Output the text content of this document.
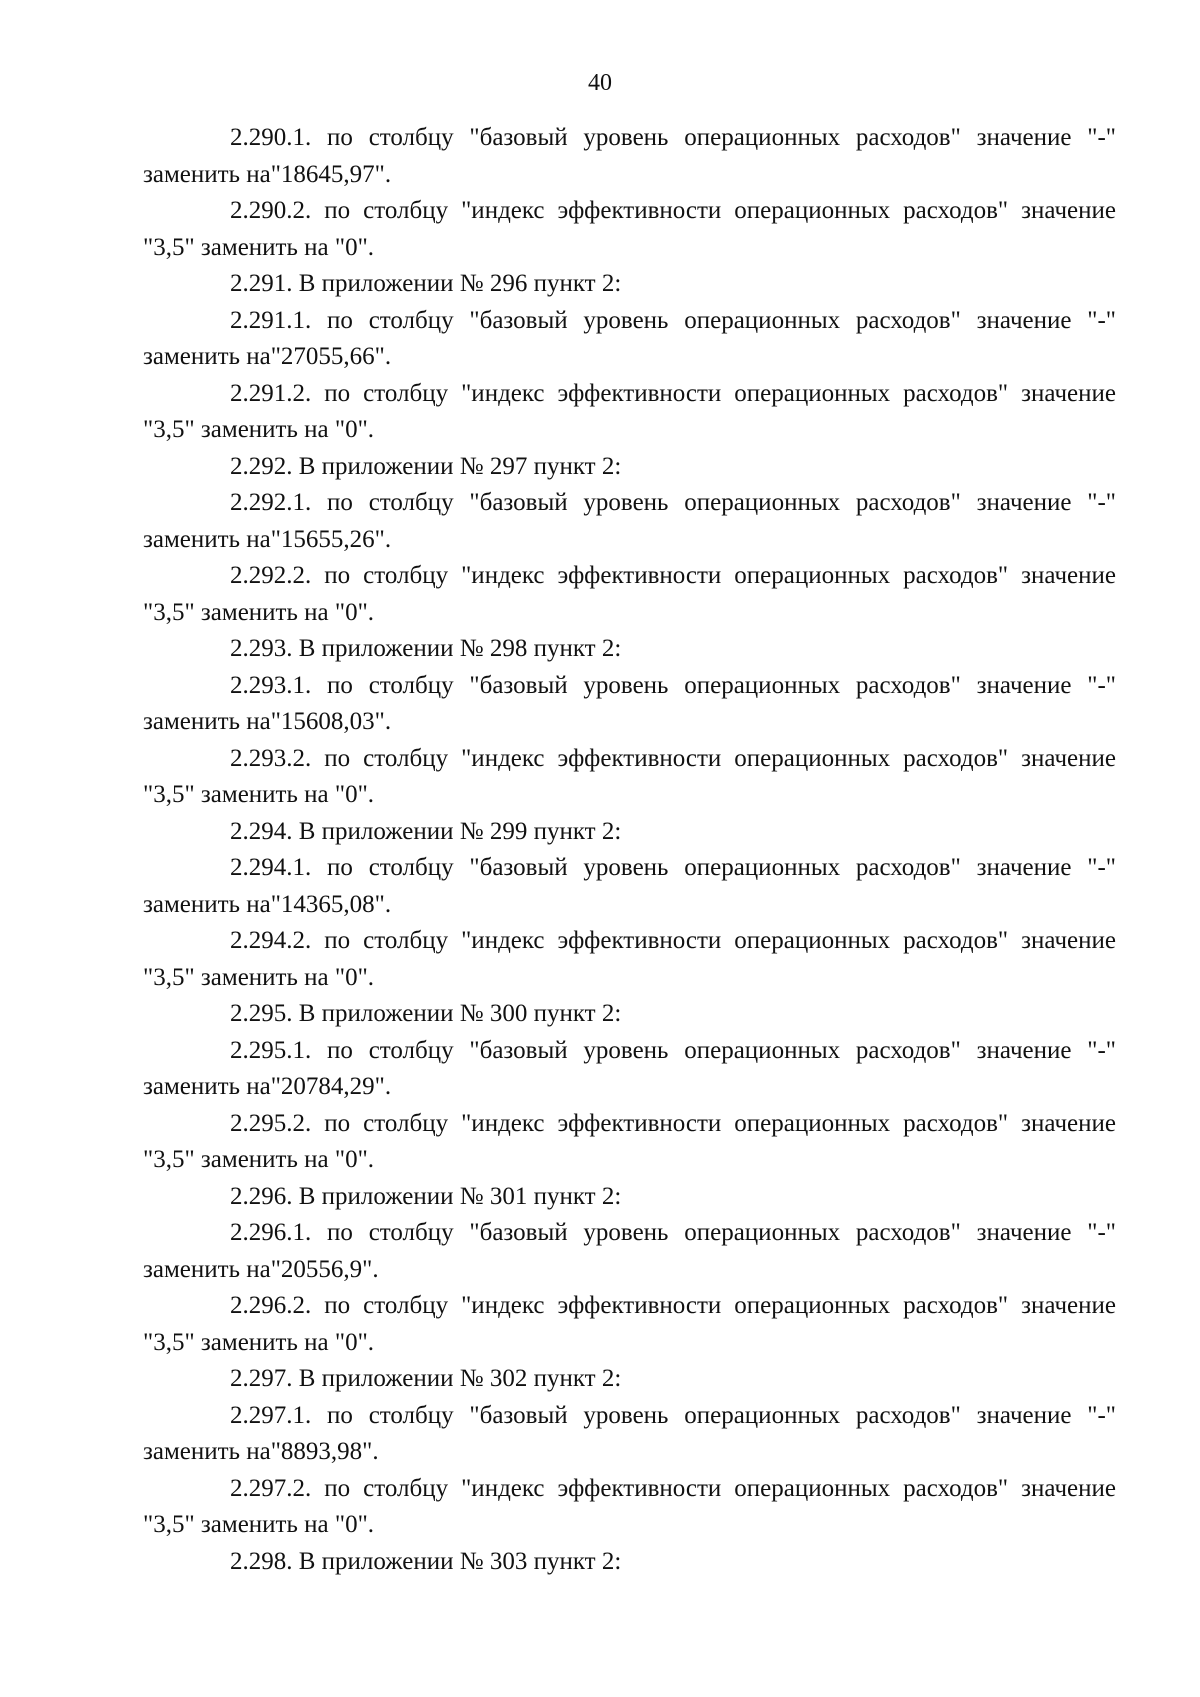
40

2.290.1. по столбцу "базовый уровень операционных расходов" значение "-" заменить на"18645,97".

2.290.2. по столбцу "индекс эффективности операционных расходов" значение "3,5" заменить на "0".

2.291. В приложении № 296 пункт 2:

2.291.1. по столбцу "базовый уровень операционных расходов" значение "-" заменить на"27055,66".

2.291.2. по столбцу "индекс эффективности операционных расходов" значение "3,5" заменить на "0".

2.292. В приложении № 297 пункт 2:

2.292.1. по столбцу "базовый уровень операционных расходов" значение "-" заменить на"15655,26".

2.292.2. по столбцу "индекс эффективности операционных расходов" значение "3,5" заменить на "0".

2.293. В приложении № 298 пункт 2:

2.293.1. по столбцу "базовый уровень операционных расходов" значение "-" заменить на"15608,03".

2.293.2. по столбцу "индекс эффективности операционных расходов" значение "3,5" заменить на "0".

2.294. В приложении № 299 пункт 2:

2.294.1. по столбцу "базовый уровень операционных расходов" значение "-" заменить на"14365,08".

2.294.2. по столбцу "индекс эффективности операционных расходов" значение "3,5" заменить на "0".

2.295. В приложении № 300 пункт 2:

2.295.1. по столбцу "базовый уровень операционных расходов" значение "-" заменить на"20784,29".

2.295.2. по столбцу "индекс эффективности операционных расходов" значение "3,5" заменить на "0".

2.296. В приложении № 301 пункт 2:

2.296.1. по столбцу "базовый уровень операционных расходов" значение "-" заменить на"20556,9".

2.296.2. по столбцу "индекс эффективности операционных расходов" значение "3,5" заменить на "0".

2.297. В приложении № 302 пункт 2:

2.297.1. по столбцу "базовый уровень операционных расходов" значение "-" заменить на"8893,98".

2.297.2. по столбцу "индекс эффективности операционных расходов" значение "3,5" заменить на "0".

2.298. В приложении № 303 пункт 2:
